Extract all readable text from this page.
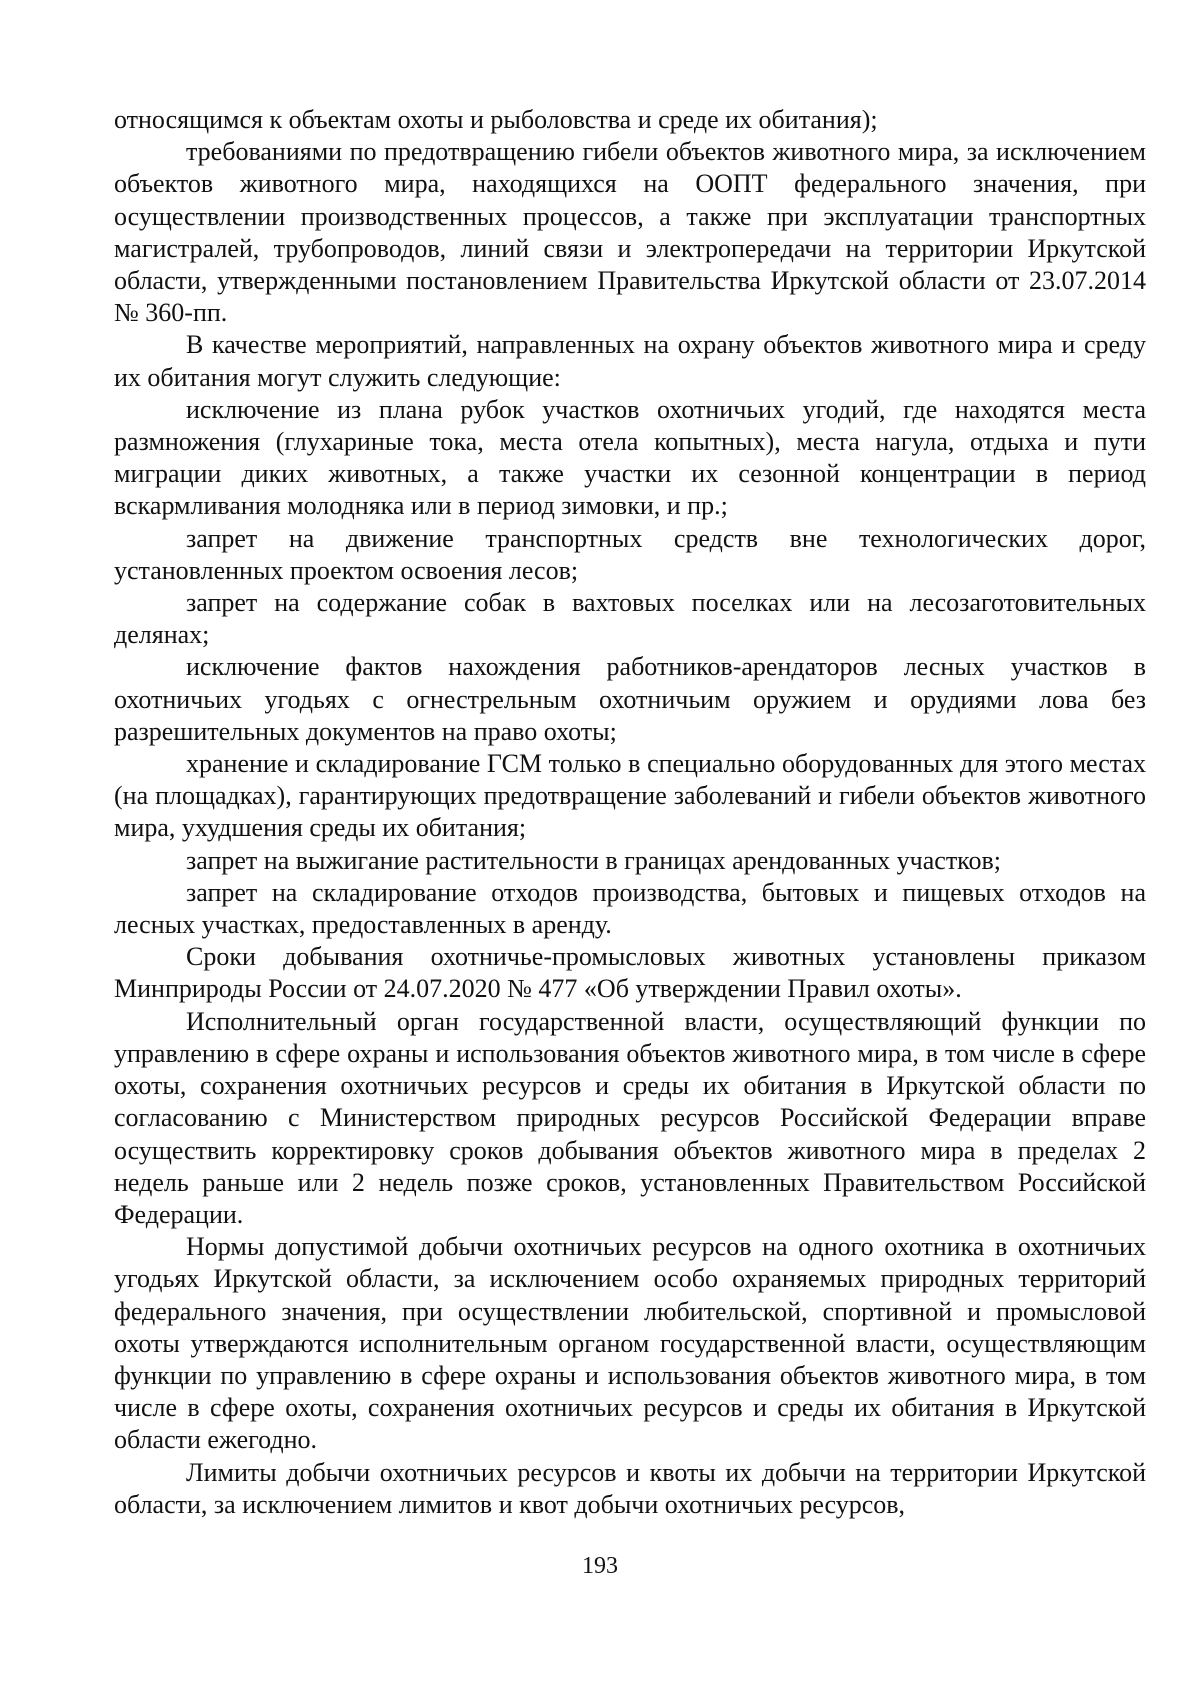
относящимся к объектам охоты и рыболовства и среде их обитания);

требованиями по предотвращению гибели объектов животного мира, за исключением объектов животного мира, находящихся на ООПТ федерального значения, при осуществлении производственных процессов, а также при эксплуатации транспортных магистралей, трубопроводов, линий связи и электропередачи на территории Иркутской области, утвержденными постановлением Правительства Иркутской области от 23.07.2014 № 360-пп.

В качестве мероприятий, направленных на охрану объектов животного мира и среду их обитания могут служить следующие:

исключение из плана рубок участков охотничьих угодий, где находятся места размножения (глухариные тока, места отела копытных), места нагула, отдыха и пути миграции диких животных, а также участки их сезонной концентрации в период вскармливания молодняка или в период зимовки, и пр.;

запрет на движение транспортных средств вне технологических дорог, установленных проектом освоения лесов;

запрет на содержание собак в вахтовых поселках или на лесозаготовительных делянах;

исключение фактов нахождения работников-арендаторов лесных участков в охотничьих угодьях с огнестрельным охотничьим оружием и орудиями лова без разрешительных документов на право охоты;

хранение и складирование ГСМ только в специально оборудованных для этого местах (на площадках), гарантирующих предотвращение заболеваний и гибели объектов животного мира, ухудшения среды их обитания;

запрет на выжигание растительности в границах арендованных участков;

запрет на складирование отходов производства, бытовых и пищевых отходов на лесных участках, предоставленных в аренду.

Сроки добывания охотничье-промысловых животных установлены приказом Минприроды России от 24.07.2020 № 477 «Об утверждении Правил охоты».

Исполнительный орган государственной власти, осуществляющий функции по управлению в сфере охраны и использования объектов животного мира, в том числе в сфере охоты, сохранения охотничьих ресурсов и среды их обитания в Иркутской области по согласованию с Министерством природных ресурсов Российской Федерации вправе осуществить корректировку сроков добывания объектов животного мира в пределах 2 недель раньше или 2 недель позже сроков, установленных Правительством Российской Федерации.

Нормы допустимой добычи охотничьих ресурсов на одного охотника в охотничьих угодьях Иркутской области, за исключением особо охраняемых природных территорий федерального значения, при осуществлении любительской, спортивной и промысловой охоты утверждаются исполнительным органом государственной власти, осуществляющим функции по управлению в сфере охраны и использования объектов животного мира, в том числе в сфере охоты, сохранения охотничьих ресурсов и среды их обитания в Иркутской области ежегодно.

Лимиты добычи охотничьих ресурсов и квоты их добычи на территории Иркутской области, за исключением лимитов и квот добычи охотничьих ресурсов,

193
